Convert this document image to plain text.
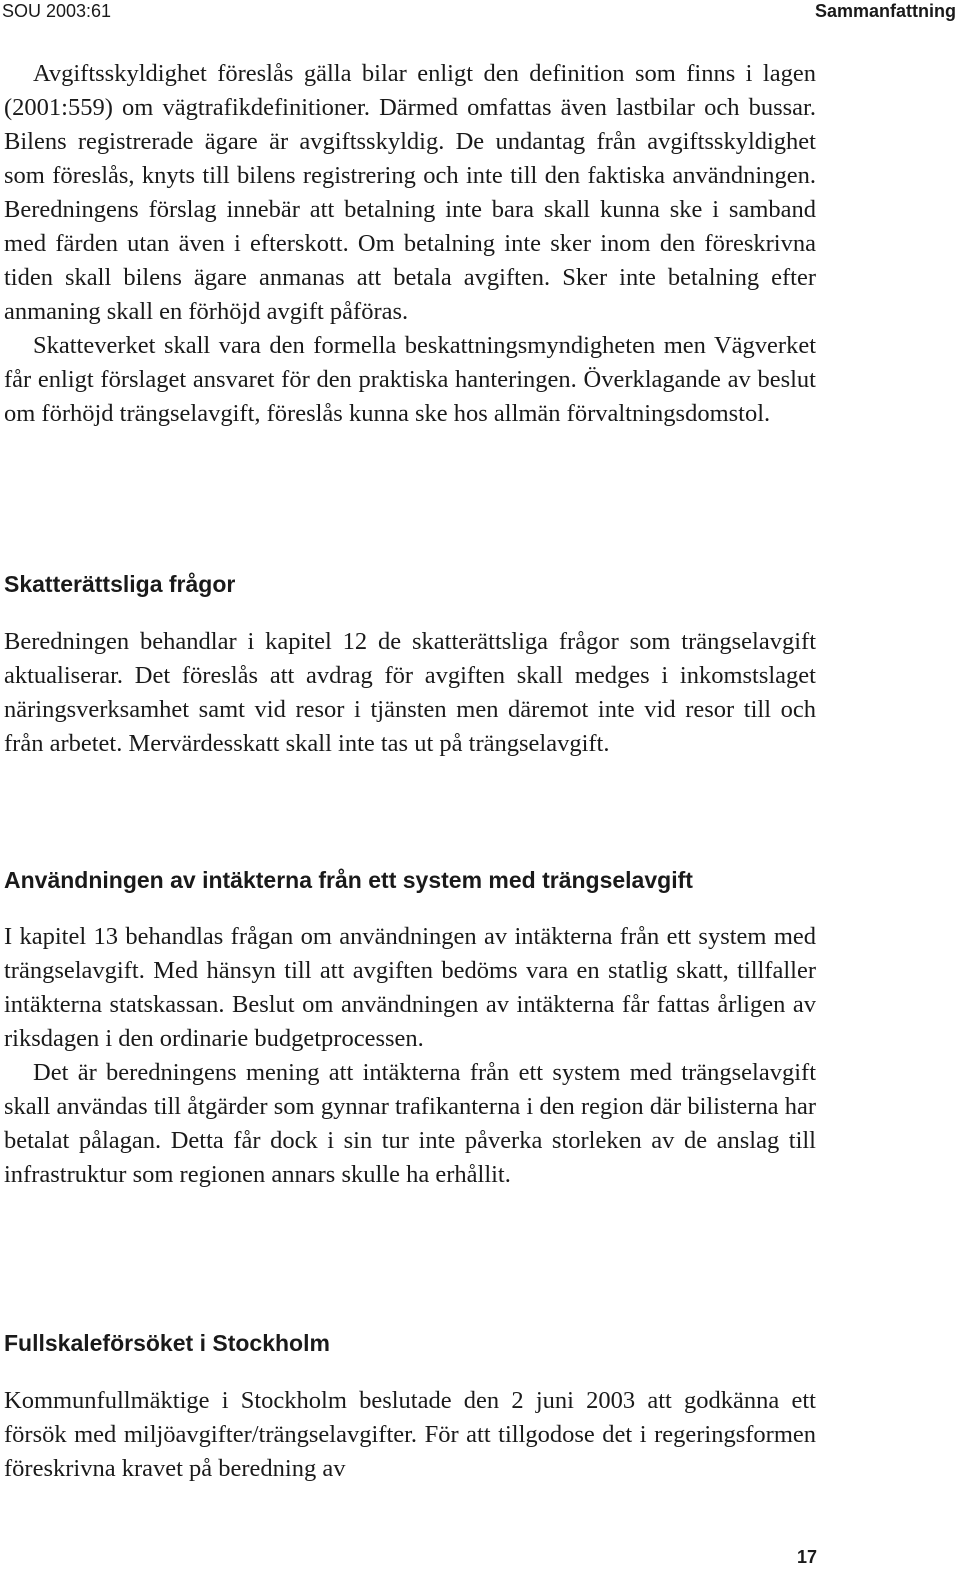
SOU 2003:61	Sammanfattning

Avgiftsskyldighet föreslås gälla bilar enligt den definition som finns i lagen (2001:559) om vägtrafikdefinitioner. Därmed omfattas även lastbilar och bussar. Bilens registrerade ägare är avgiftsskyldig. De undantag från avgiftsskyldighet som föreslås, knyts till bilens registrering och inte till den faktiska användningen. Beredningens förslag innebär att betalning inte bara skall kunna ske i samband med färden utan även i efterskott. Om betalning inte sker inom den föreskrivna tiden skall bilens ägare anmanas att betala avgiften. Sker inte betalning efter anmaning skall en förhöjd avgift påföras.

Skatteverket skall vara den formella beskattningsmyndigheten men Vägverket får enligt förslaget ansvaret för den praktiska hanteringen. Överklagande av beslut om förhöjd trängselavgift, föreslås kunna ske hos allmän förvaltningsdomstol.

Skatterättsliga frågor

Beredningen behandlar i kapitel 12 de skatterättsliga frågor som trängselavgift aktualiserar. Det föreslås att avdrag för avgiften skall medges i inkomstslaget näringsverksamhet samt vid resor i tjänsten men däremot inte vid resor till och från arbetet. Mervärdesskatt skall inte tas ut på trängselavgift.

Användningen av intäkterna från ett system med trängselavgift

I kapitel 13 behandlas frågan om användningen av intäkterna från ett system med trängselavgift. Med hänsyn till att avgiften bedöms vara en statlig skatt, tillfaller intäkterna statskassan. Beslut om användningen av intäkterna får fattas årligen av riksdagen i den ordinarie budgetprocessen.

Det är beredningens mening att intäkterna från ett system med trängselavgift skall användas till åtgärder som gynnar trafikanterna i den region där bilisterna har betalat pålagan. Detta får dock i sin tur inte påverka storleken av de anslag till infrastruktur som regionen annars skulle ha erhållit.

Fullskaleförsöket i Stockholm

Kommunfullmäktige i Stockholm beslutade den 2 juni 2003 att godkänna ett försök med miljöavgifter/trängselavgifter. För att tillgodose det i regeringsformen föreskrivna kravet på beredning av

17
